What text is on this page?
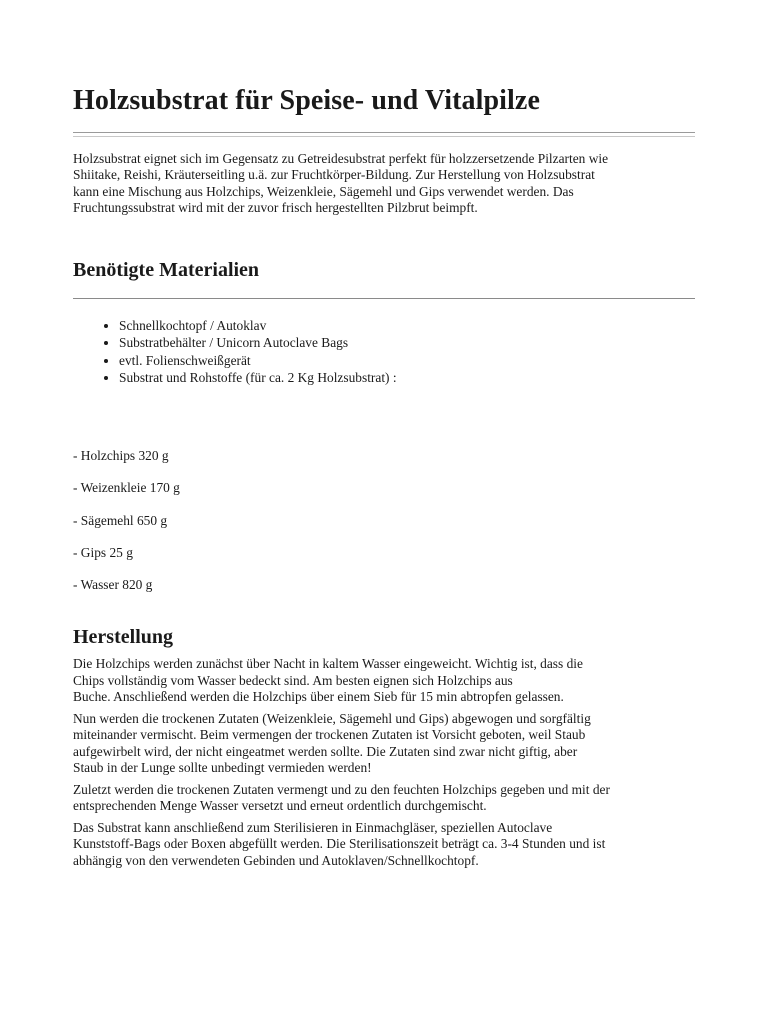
Holzsubstrat für Speise- und Vitalpilze

Holzsubstrat eignet sich im Gegensatz zu Getreidesubstrat perfekt für holzzersetzende Pilzarten wie
Shiitake, Reishi, Kräuterseitling u.ä. zur Fruchtkörper-Bildung. Zur Herstellung von Holzsubstrat
kann eine Mischung aus Holzchips, Weizenkleie, Sägemehl und Gips verwendet werden. Das
Fruchtungssubstrat wird mit der zuvor frisch hergestellten Pilzbrut beimpft.

Benötigte Materialien
• Schnellkochtopf / Autoklav
• Substratbehälter / Unicorn Autoclave Bags
• evtl. Folienschweißgerät
• Substrat und Rohstoffe (für ca. 2 Kg Holzsubstrat) :
- Holzchips 320 g
- Weizenkleie 170 g
- Sägemehl 650 g
- Gips 25 g
- Wasser 820 g
Herstellung

Die Holzchips werden zunächst über Nacht in kaltem Wasser eingeweicht. Wichtig ist, dass die
Chips vollständig vom Wasser bedeckt sind. Am besten eignen sich Holzchips aus
Buche. Anschließend werden die Holzchips über einem Sieb für 15 min abtropfen gelassen.

Nun werden die trockenen Zutaten (Weizenkleie, Sägemehl und Gips) abgewogen und sorgfältig
miteinander vermischt. Beim vermengen der trockenen Zutaten ist Vorsicht geboten, weil Staub
aufgewirbelt wird, der nicht eingeatmet werden sollte. Die Zutaten sind zwar nicht giftig, aber
Staub in der Lunge sollte unbedingt vermieden werden!

Zuletzt werden die trockenen Zutaten vermengt und zu den feuchten Holzchips gegeben und mit der
entsprechenden Menge Wasser versetzt und erneut ordentlich durchgemischt.

Das Substrat kann anschließend zum Sterilisieren in Einmachgläser, speziellen Autoclave
Kunststoff-Bags oder Boxen abgefüllt werden. Die Sterilisationszeit beträgt ca. 3-4 Stunden und ist
abhängig von den verwendeten Gebinden und Autoklaven/Schnellkochtopf.
